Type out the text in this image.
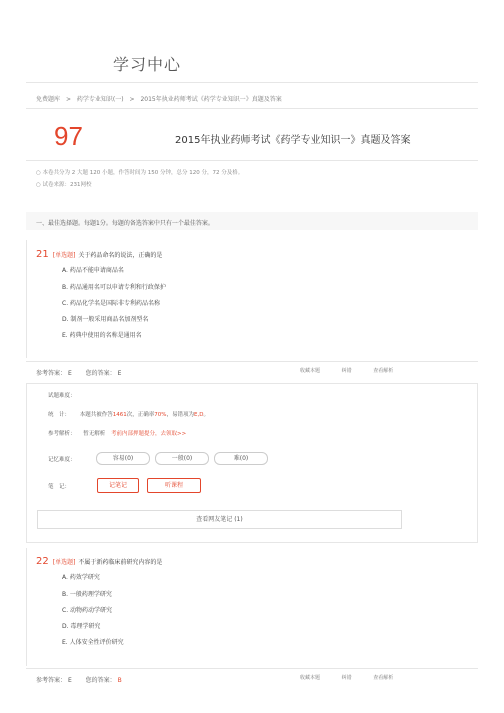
学习中心
免费题库 > 药学专业知识(一) > 2015年执业药师考试《药学专业知识一》真题及答案
97	2015年执业药师考试《药学专业知识一》真题及答案
○ 本卷共分为 2 大题 120 小题，作答时间为 150 分钟，总分 120 分，72 分及格。
○ 试卷来源：231网校
一、最佳选择题。每题1分。每题的备选答案中只有一个最佳答案。
21 [单选题] 关于药品命名的说法，正确的是
A. 药品不能申请商品名
B. 药品通用名可以申请专利和行政保护
C. 药品化学名是国际非专利药品名称
D. 制剂一般采用商品名加剂型名
E. 药典中使用的名称是通用名
参考答案： E 您的答案： E	收藏本题	纠错	查看解析
试题难度：
统　计： 本题共被作答1461次，正确率70%，易错项为E,D。
参考解析： 暂无解析 考前内部押题提分，去领取>>
记忆难度：	容易(0)	一般(0)	难(0)
笔　记：	记笔记	听课程
查看网友笔记 (1)
22 [单选题] 不属于新药临床前研究内容的是
A. 药效学研究
B. 一般药理学研究
C. 动物药动学研究
D. 毒理学研究
E. 人体安全性评价研究
参考答案： E 您的答案： B	收藏本题	纠错	查看解析
